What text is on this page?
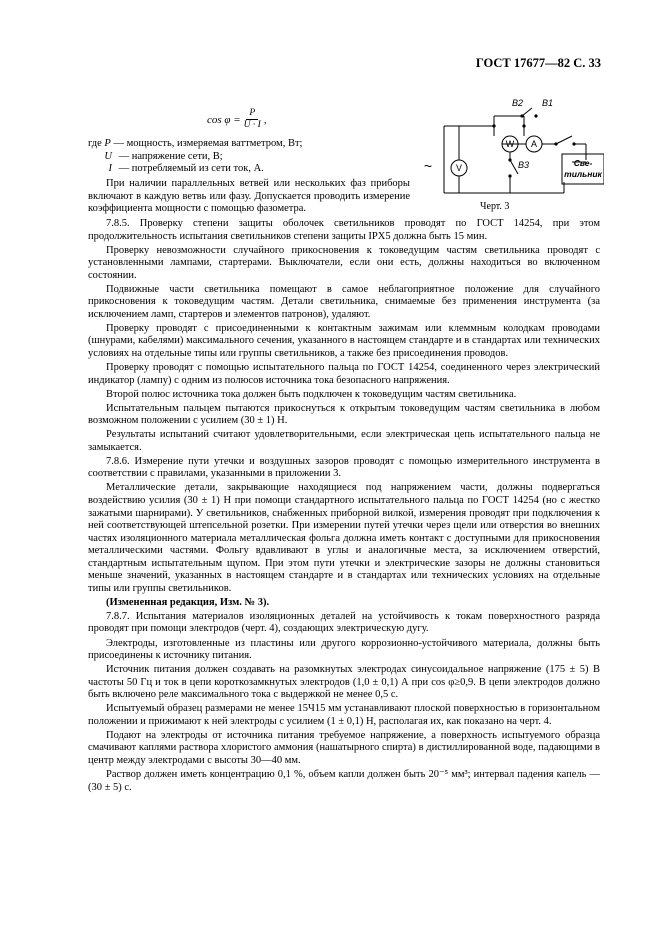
ГОСТ 17677—82 С. 33
$\cos \varphi = \frac{P}{U \cdot I}$ ,
где P — мощность, измеряемая ваттметром, Вт;
U — напряжение сети, В;
I — потребляемый из сети ток, А.

При наличии параллельных ветвей или нескольких фаз приборы включают в каждую ветвь или фазу. Допускается проводить измерение коэффициента мощности с помощью фазометра.

В2 В1
В3
W A
V
~	Све-
тильник
Черт. 3

7.8.5. Проверку степени защиты оболочек светильников проводят по ГОСТ 14254, при этом продолжительность испытания светильников степени защиты IPX5 должна быть 15 мин.

Проверку невозможности случайного прикосновения к токоведущим частям светильника проводят с установленными лампами, стартерами. Выключатели, если они есть, должны находиться во включенном состоянии.

Подвижные части светильника помещают в самое неблагоприятное положение для случайного прикосновения к токоведущим частям. Детали светильника, снимаемые без применения инструмента (за исключением ламп, стартеров и элементов патронов), удаляют.

Проверку проводят с присоединенными к контактным зажимам или клеммным колодкам проводами (шнурами, кабелями) максимального сечения, указанного в настоящем стандарте и в стандартах или технических условиях на отдельные типы или группы светильников, а также без присоединения проводов.

Проверку проводят с помощью испытательного пальца по ГОСТ 14254, соединенного через электрический индикатор (лампу) с одним из полюсов источника тока безопасного напряжения.

Второй полюс источника тока должен быть подключен к токоведущим частям светильника.

Испытательным пальцем пытаются прикоснуться к открытым токоведущим частям светильника в любом возможном положении с усилием (30 ± 1) Н.

Результаты испытаний считают удовлетворительными, если электрическая цепь испытательного пальца не замыкается.

7.8.6. Измерение пути утечки и воздушных зазоров проводят с помощью измерительного инструмента в соответствии с правилами, указанными в приложении 3.

Металлические детали, закрывающие находящиеся под напряжением части, должны подвергаться воздействию усилия (30 ± 1) Н при помощи стандартного испытательного пальца по ГОСТ 14254 (но с жестко зажатыми шарнирами). У светильников, снабженных приборной вилкой, измерения проводят при подключения к ней соответствующей штепсельной розетки. При измерении путей утечки через щели или отверстия во внешних частях изоляционного материала металлическая фольга должна иметь контакт с доступными для прикосновения металлическими частями. Фольгу вдавливают в углы и аналогичные места, за исключением отверстий, стандартным испытательным щупом. При этом пути утечки и электрические зазоры не должны становиться меньше значений, указанных в настоящем стандарте и в стандартах или технических условиях на отдельные типы или группы светильников.

(Измененная редакция, Изм. № 3).

7.8.7. Испытания материалов изоляционных деталей на устойчивость к токам поверхностного разряда проводят при помощи электродов (черт. 4), создающих электрическую дугу.

Электроды, изготовленные из пластины или другого коррозионно-устойчивого материала, должны быть присоединены к источнику питания.

Источник питания должен создавать на разомкнутых электродах синусоидальное напряжение (175 ± 5) В частоты 50 Гц и ток в цепи короткозамкнутых электродов (1,0 ± 0,1) А при cos φ≥0,9. В цепи электродов должно быть включено реле максимального тока с выдержкой не менее 0,5 с.

Испытуемый образец размерами не менее 15Ч15 мм устанавливают плоской поверхностью в горизонтальном положении и прижимают к ней электроды с усилием (1 ± 0,1) Н, располагая их, как показано на черт. 4.

Подают на электроды от источника питания требуемое напряжение, а поверхность испытуемого образца смачивают каплями раствора хлористого аммония (нашатырного спирта) в дистиллированной воде, падающими в центр между электродами с высоты 30—40 мм.

Раствор должен иметь концентрацию 0,1 %, объем капли должен быть 20⁻⁵ мм³; интервал падения капель — (30 ± 5) с.
